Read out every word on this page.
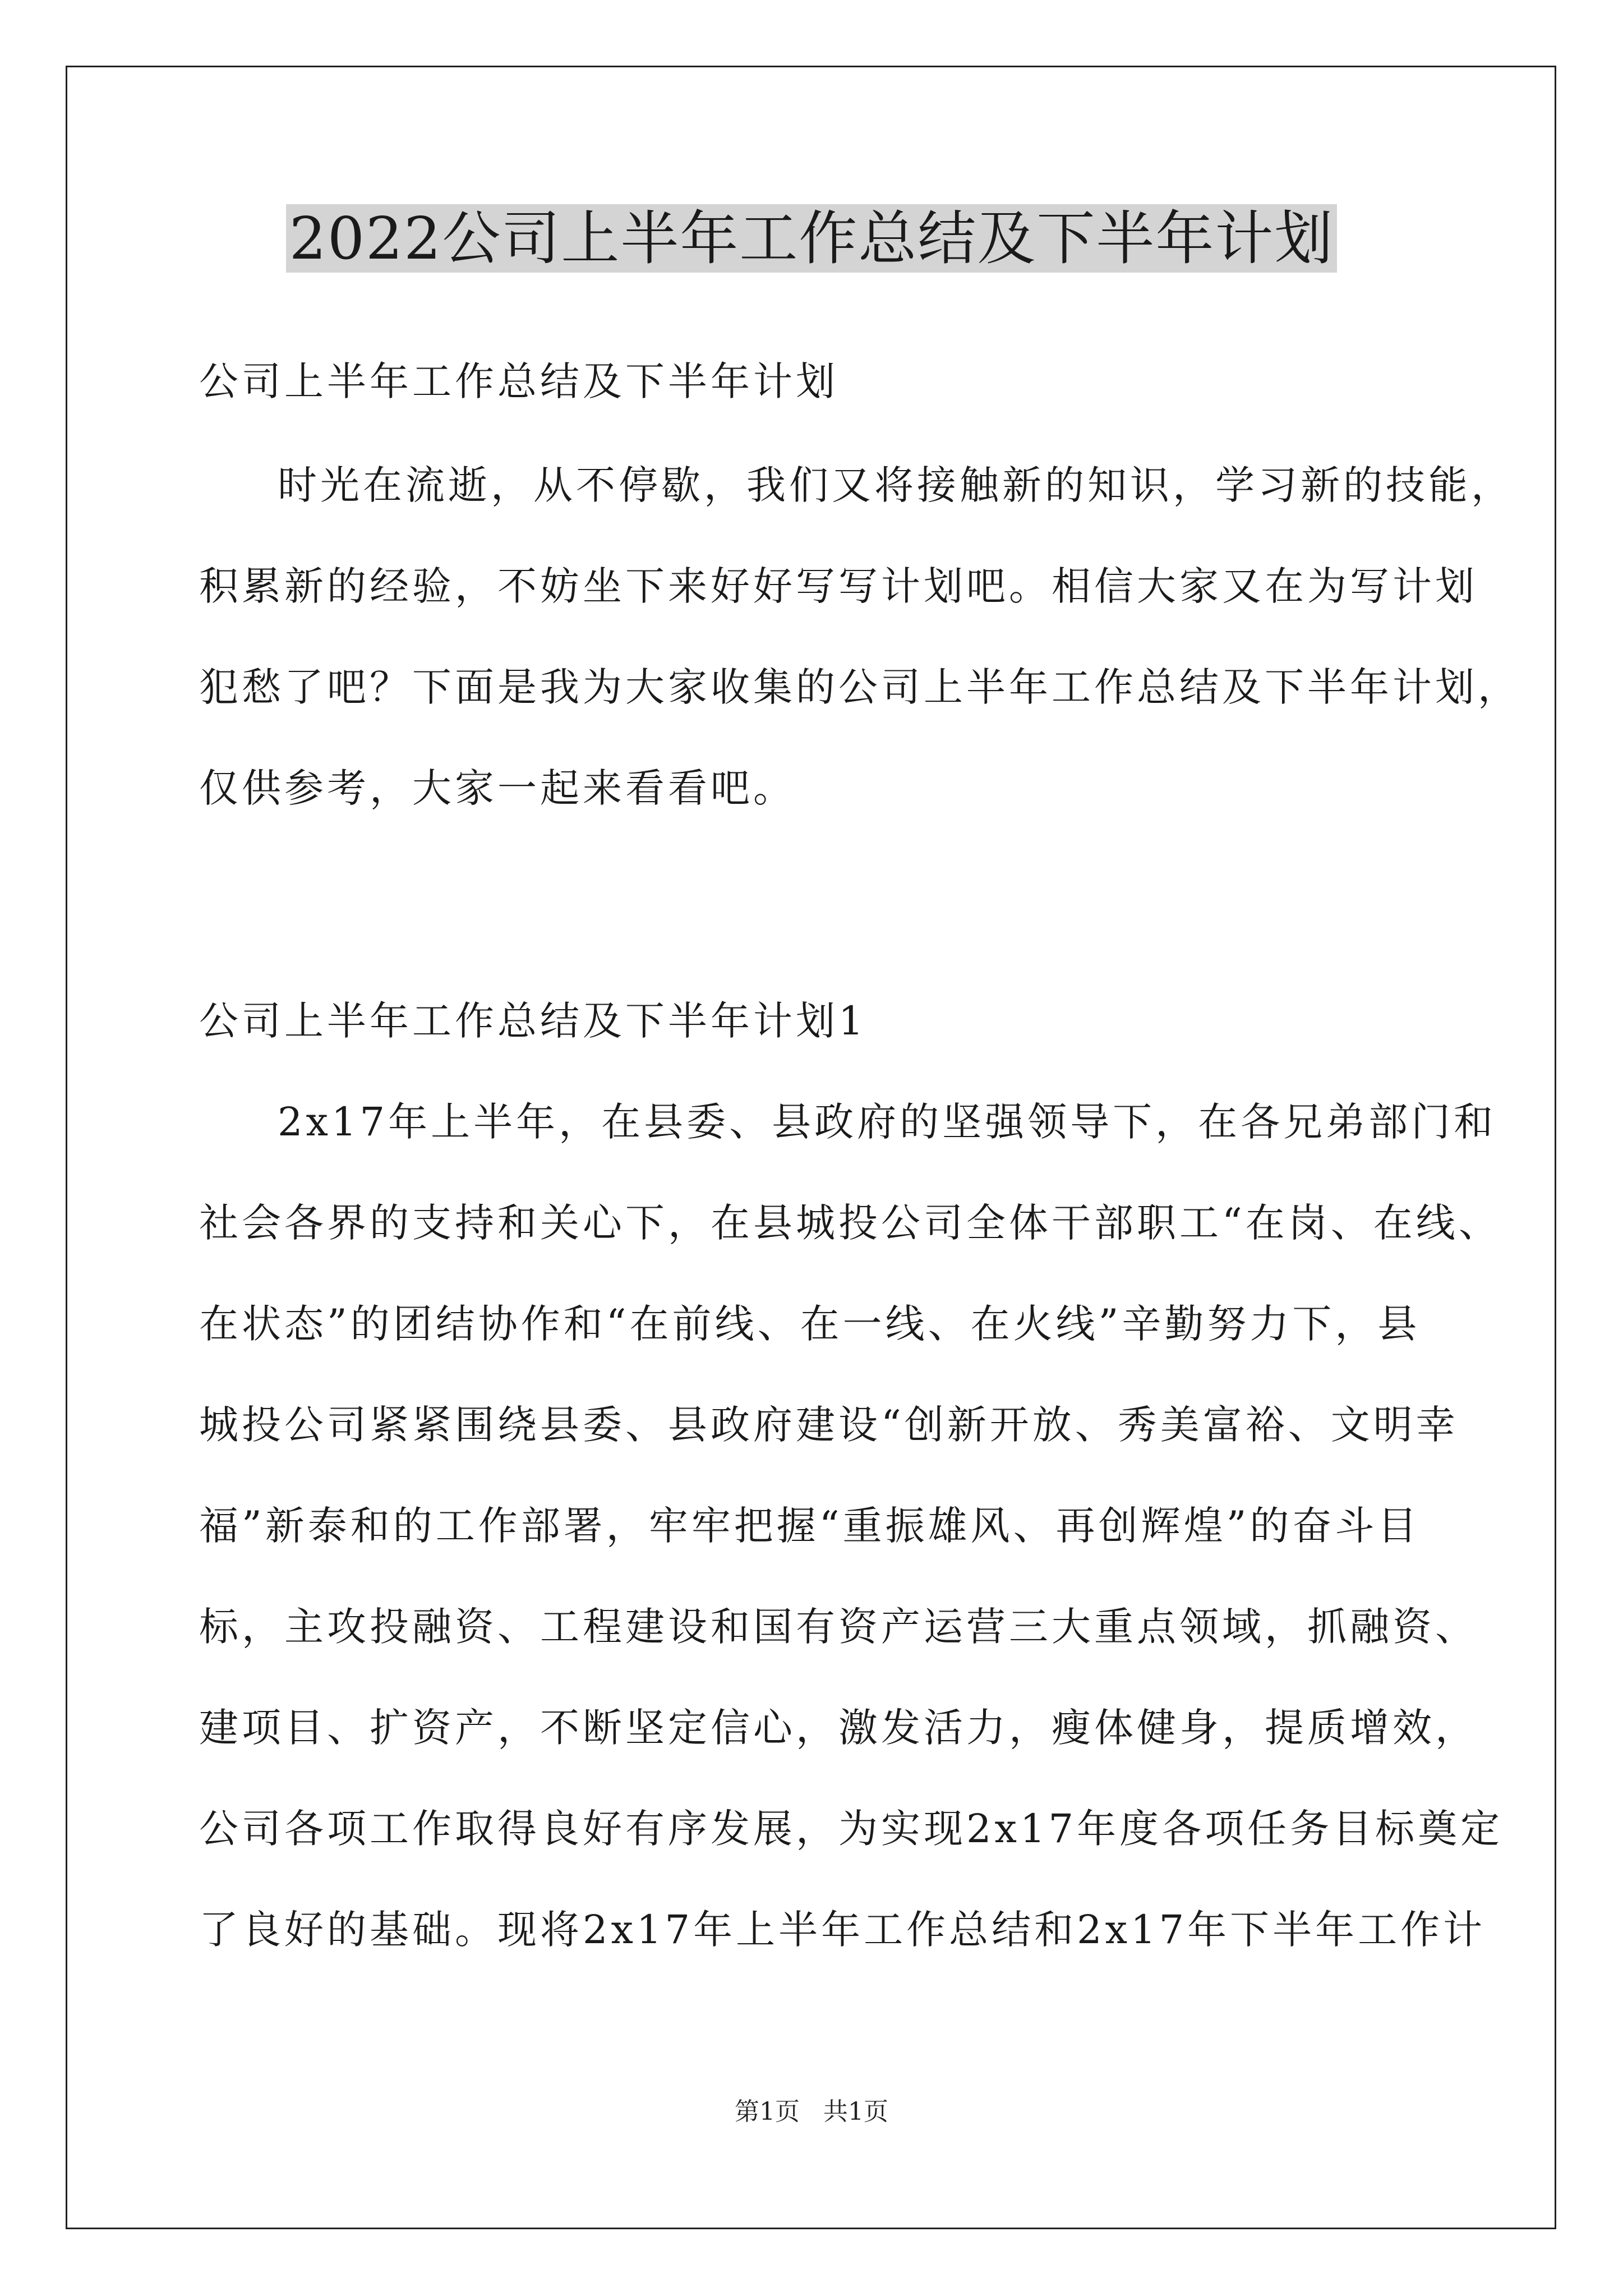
2022公司上半年工作总结及下半年计划
公司上半年工作总结及下半年计划
时光在流逝，从不停歇，我们又将接触新的知识，学习新的技能，
积累新的经验，不妨坐下来好好写写计划吧。相信大家又在为写计划
犯愁了吧？下面是我为大家收集的公司上半年工作总结及下半年计划，
仅供参考，大家一起来看看吧。
公司上半年工作总结及下半年计划1
2x17年上半年，在县委、县政府的坚强领导下，在各兄弟部门和
社会各界的支持和关心下，在县城投公司全体干部职工“在岗、在线、
在状态”的团结协作和“在前线、在一线、在火线”辛勤努力下，县
城投公司紧紧围绕县委、县政府建设“创新开放、秀美富裕、文明幸
福”新泰和的工作部署，牢牢把握“重振雄风、再创辉煌”的奋斗目
标，主攻投融资、工程建设和国有资产运营三大重点领域，抓融资、
建项目、扩资产，不断坚定信心，激发活力，瘦体健身，提质增效，
公司各项工作取得良好有序发展，为实现2x17年度各项任务目标奠定
了良好的基础。现将2x17年上半年工作总结和2x17年下半年工作计
第1页 共1页
